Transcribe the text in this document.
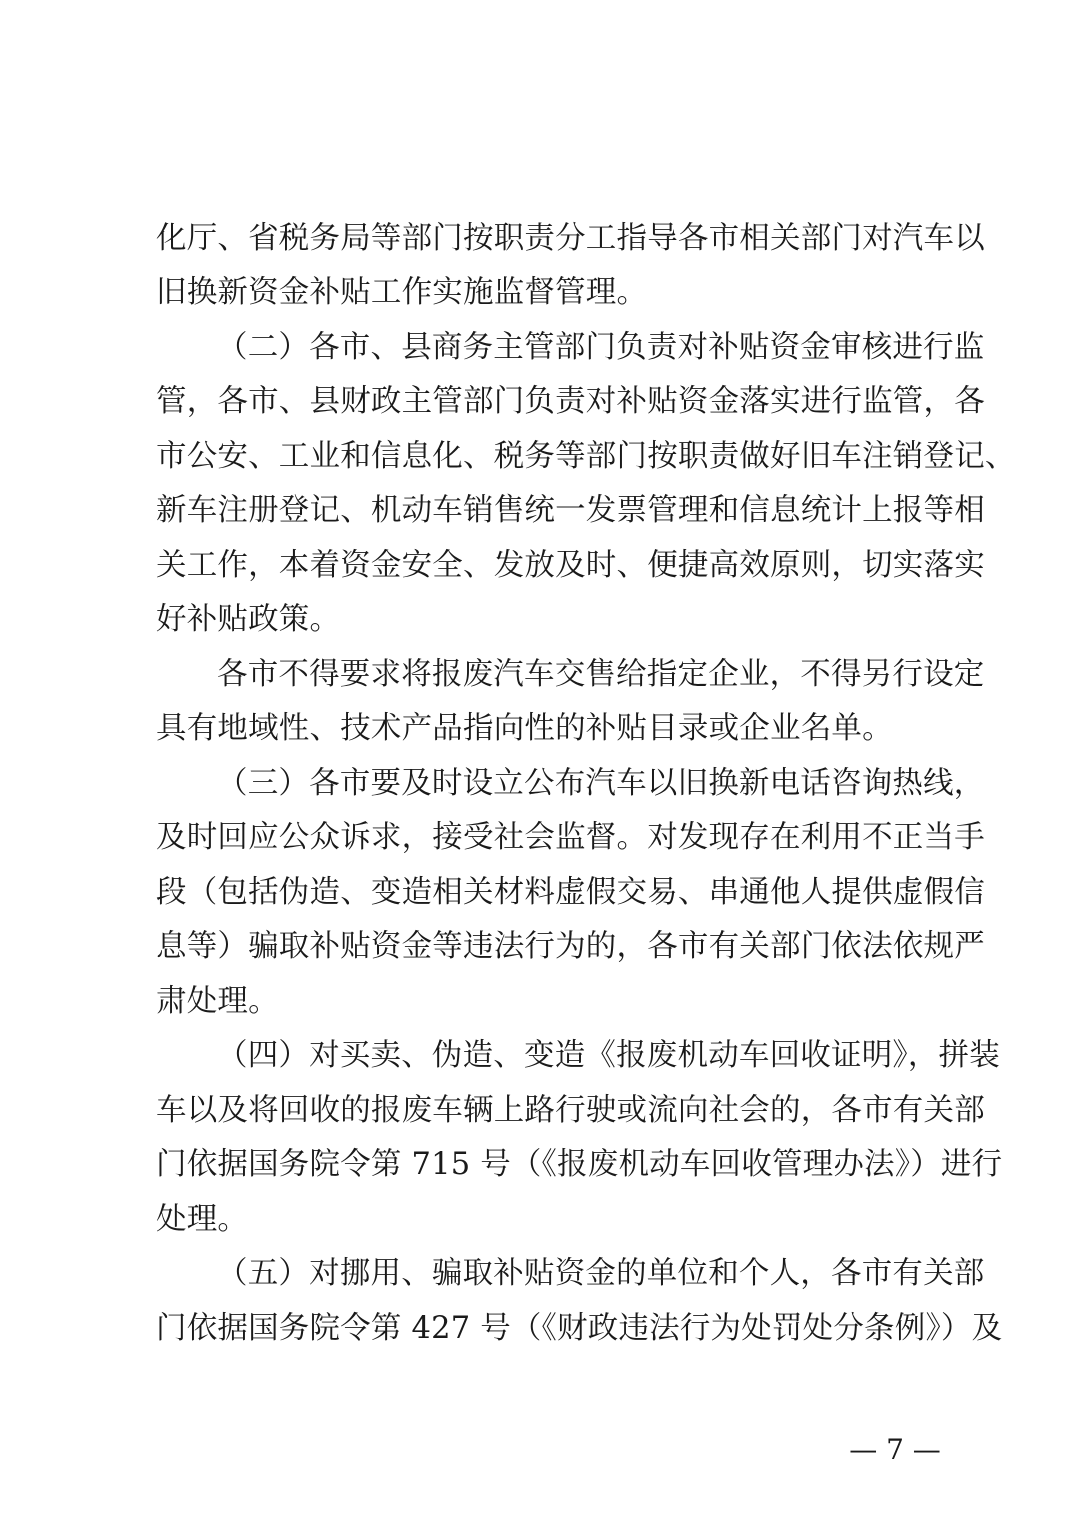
化厅、省税务局等部门按职责分工指导各市相关部门对汽车以
旧换新资金补贴工作实施监督管理。
（二）各市、县商务主管部门负责对补贴资金审核进行监
管，各市、县财政主管部门负责对补贴资金落实进行监管，各
市公安、工业和信息化、税务等部门按职责做好旧车注销登记、
新车注册登记、机动车销售统一发票管理和信息统计上报等相
关工作，本着资金安全、发放及时、便捷高效原则，切实落实
好补贴政策。
各市不得要求将报废汽车交售给指定企业，不得另行设定
具有地域性、技术产品指向性的补贴目录或企业名单。
（三）各市要及时设立公布汽车以旧换新电话咨询热线，
及时回应公众诉求，接受社会监督。对发现存在利用不正当手
段（包括伪造、变造相关材料虚假交易、串通他人提供虚假信
息等）骗取补贴资金等违法行为的，各市有关部门依法依规严
肃处理。
（四）对买卖、伪造、变造《报废机动车回收证明》，拼装
车以及将回收的报废车辆上路行驶或流向社会的，各市有关部
门依据国务院令第 715 号（《报废机动车回收管理办法》）进行
处理。
（五）对挪用、骗取补贴资金的单位和个人，各市有关部
门依据国务院令第 427 号（《财政违法行为处罚处分条例》）及
— 7 —
